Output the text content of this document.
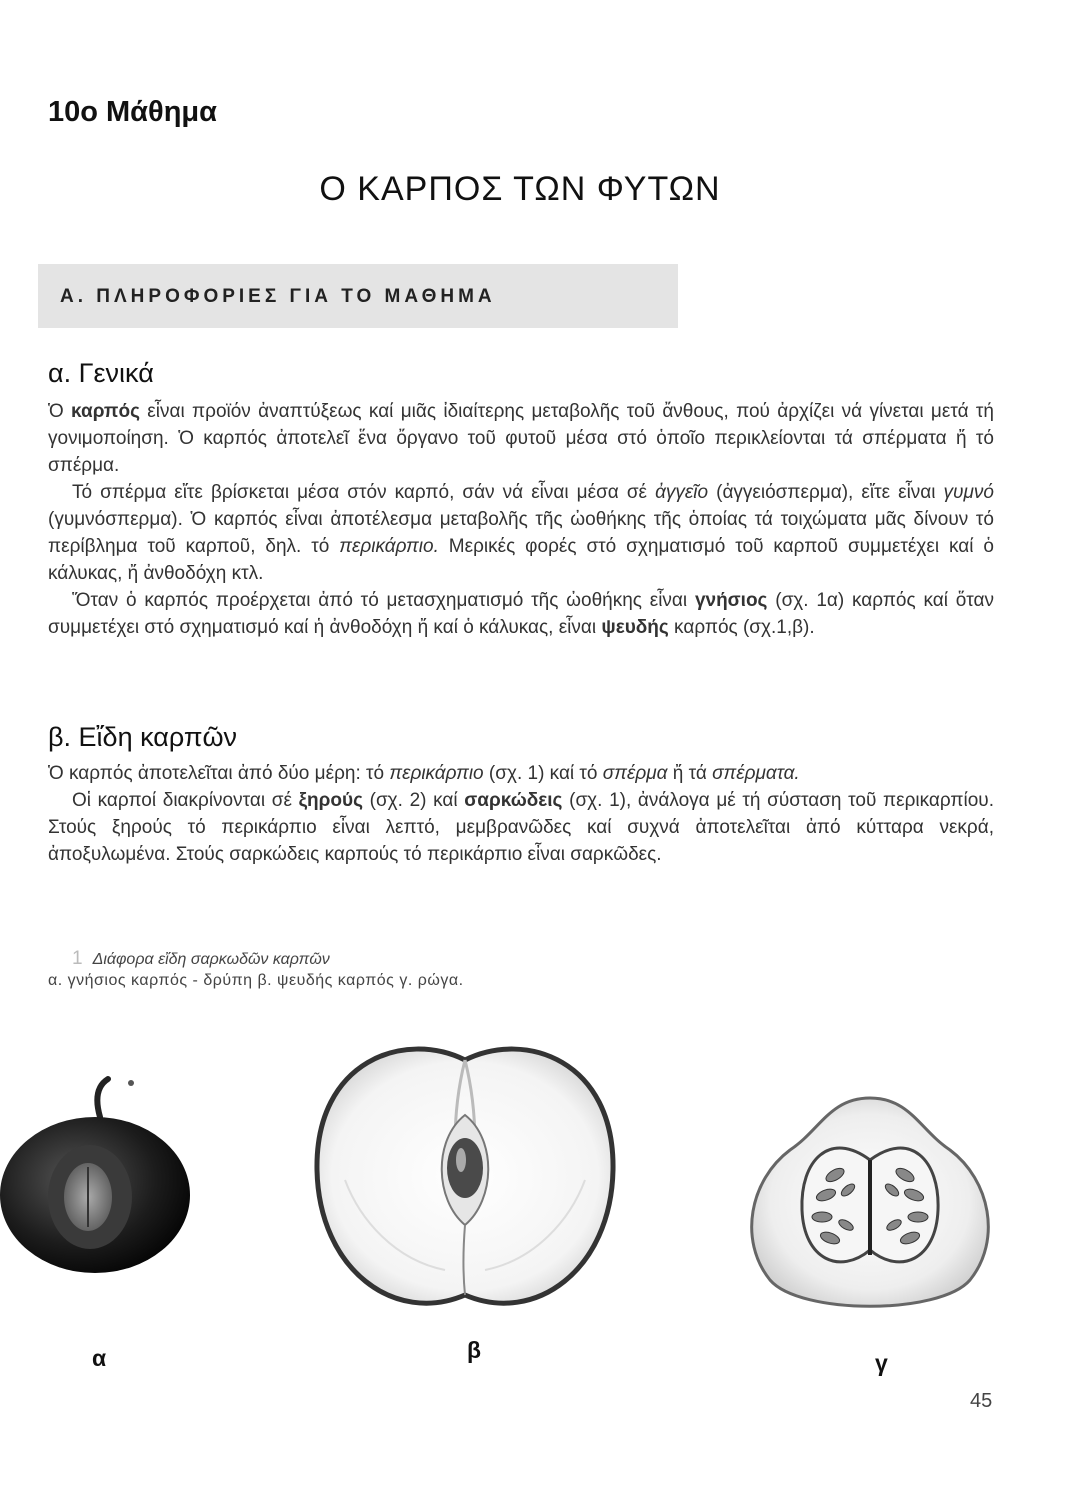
10ο Μάθημα
Ο ΚΑΡΠΟΣ ΤΩΝ ΦΥΤΩΝ
Α. ΠΛΗΡΟΦΟΡΙΕΣ ΓΙΑ ΤΟ ΜΑΘΗΜΑ
α. Γενικά

Ὁ καρπός εἶναι προϊόν ἀναπτύξεως καί μιᾶς ἰδιαίτερης μεταβολῆς τοῦ ἄνθους, πού ἀρχίζει νά γίνεται μετά τή γονιμοποίηση. Ὁ καρπός ἀποτελεῖ ἕνα ὄργανο τοῦ φυτοῦ μέσα στό ὁποῖο περικλείονται τά σπέρματα ἤ τό σπέρμα.

Τό σπέρμα εἴτε βρίσκεται μέσα στόν καρπό, σάν νά εἶναι μέσα σέ ἀγγεῖο (ἀγγειόσπερμα), εἴτε εἶναι γυμνό (γυμνόσπερμα). Ὁ καρπός εἶναι ἀποτέλεσμα μεταβολῆς τῆς ὠοθήκης τῆς ὁποίας τά τοιχώματα μᾶς δίνουν τό περίβλημα τοῦ καρποῦ, δηλ. τό περικάρπιο. Μερικές φορές στό σχηματισμό τοῦ καρποῦ συμμετέχει καί ὁ κάλυκας, ἤ ἀνθοδόχη κτλ.

Ὅταν ὁ καρπός προέρχεται ἀπό τό μετασχηματισμό τῆς ὠοθήκης εἶναι γνήσιος (σχ. 1α) καρπός καί ὅταν συμμετέχει στό σχηματισμό καί ἡ ἀνθοδόχη ἤ καί ὁ κάλυκας, εἶναι ψευδής καρπός (σχ.1,β).

β. Εἴδη καρπῶν

Ὁ καρπός ἀποτελεῖται ἀπό δύο μέρη: τό περικάρπιο (σχ. 1) καί τό σπέρμα ἤ τά σπέρματα.

Οἱ καρποί διακρίνονται σέ ξηρούς (σχ. 2) καί σαρκώδεις (σχ. 1), ἀνάλογα μέ τή σύσταση τοῦ περικαρπίου. Στούς ξηρούς τό περικάρπιο εἶναι λεπτό, μεμβρανῶδες καί συχνά ἀποτελεῖται ἀπό κύτταρα νεκρά, ἀποξυλωμένα. Στούς σαρκώδεις καρπούς τό περικάρπιο εἶναι σαρκῶδες.

1 Διάφορα εἴδη σαρκωδῶν καρπῶν
α. γνήσιος καρπός - δρύπη β. ψευδής καρπός γ. ρώγα.
α	β	γ
45
